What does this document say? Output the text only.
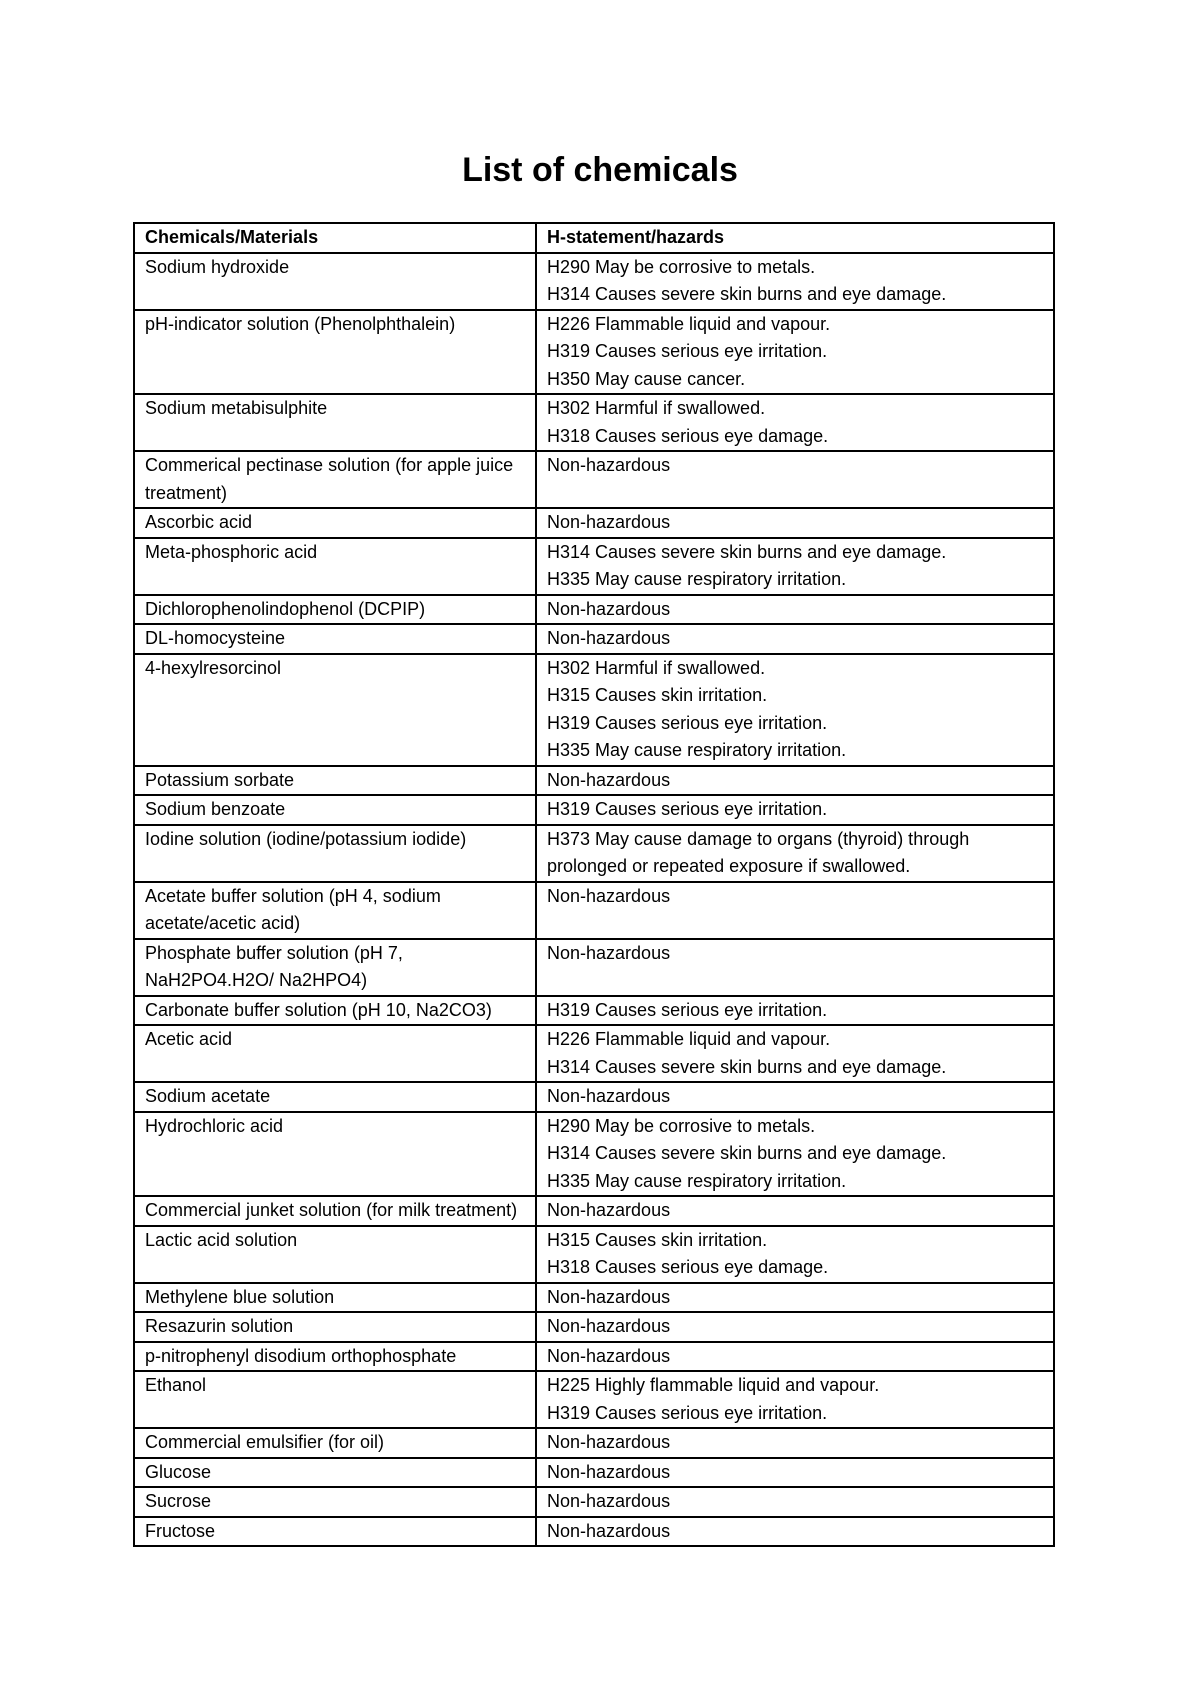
List of chemicals
Chemicals/Materials	H-statement/hazards
Sodium hydroxide	H290 May be corrosive to metals.
H314 Causes severe skin burns and eye damage.

pH-indicator solution (Phenolphthalein)	H226 Flammable liquid and vapour.
H319 Causes serious eye irritation.
H350 May cause cancer.

Sodium metabisulphite	H302 Harmful if swallowed.
H318 Causes serious eye damage.

Commerical pectinase solution (for apple juice treatment)	Non-hazardous

Ascorbic acid	Non-hazardous

Meta-phosphoric acid	H314 Causes severe skin burns and eye damage.
H335 May cause respiratory irritation.

Dichlorophenolindophenol (DCPIP)	Non-hazardous

DL-homocysteine	Non-hazardous

4-hexylresorcinol	H302 Harmful if swallowed.
H315 Causes skin irritation.
H319 Causes serious eye irritation.
H335 May cause respiratory irritation.

Potassium sorbate	Non-hazardous

Sodium benzoate	H319 Causes serious eye irritation.

Iodine solution (iodine/potassium iodide)	H373 May cause damage to organs (thyroid) through prolonged or repeated exposure if swallowed.

Acetate buffer solution (pH 4, sodium acetate/acetic acid)	Non-hazardous

Phosphate buffer solution (pH 7, NaH2PO4.H2O/ Na2HPO4)	Non-hazardous

Carbonate buffer solution (pH 10, Na2CO3)	H319 Causes serious eye irritation.

Acetic acid	H226 Flammable liquid and vapour.
H314 Causes severe skin burns and eye damage.

Sodium acetate	Non-hazardous

Hydrochloric acid	H290 May be corrosive to metals.
H314 Causes severe skin burns and eye damage.
H335 May cause respiratory irritation.

Commercial junket solution (for milk treatment)	Non-hazardous

Lactic acid solution	H315 Causes skin irritation.
H318 Causes serious eye damage.

Methylene blue solution	Non-hazardous

Resazurin solution	Non-hazardous

p-nitrophenyl disodium orthophosphate	Non-hazardous

Ethanol	H225 Highly flammable liquid and vapour.
H319 Causes serious eye irritation.

Commercial emulsifier (for oil)	Non-hazardous

Glucose	Non-hazardous

Sucrose	Non-hazardous

Fructose	Non-hazardous
